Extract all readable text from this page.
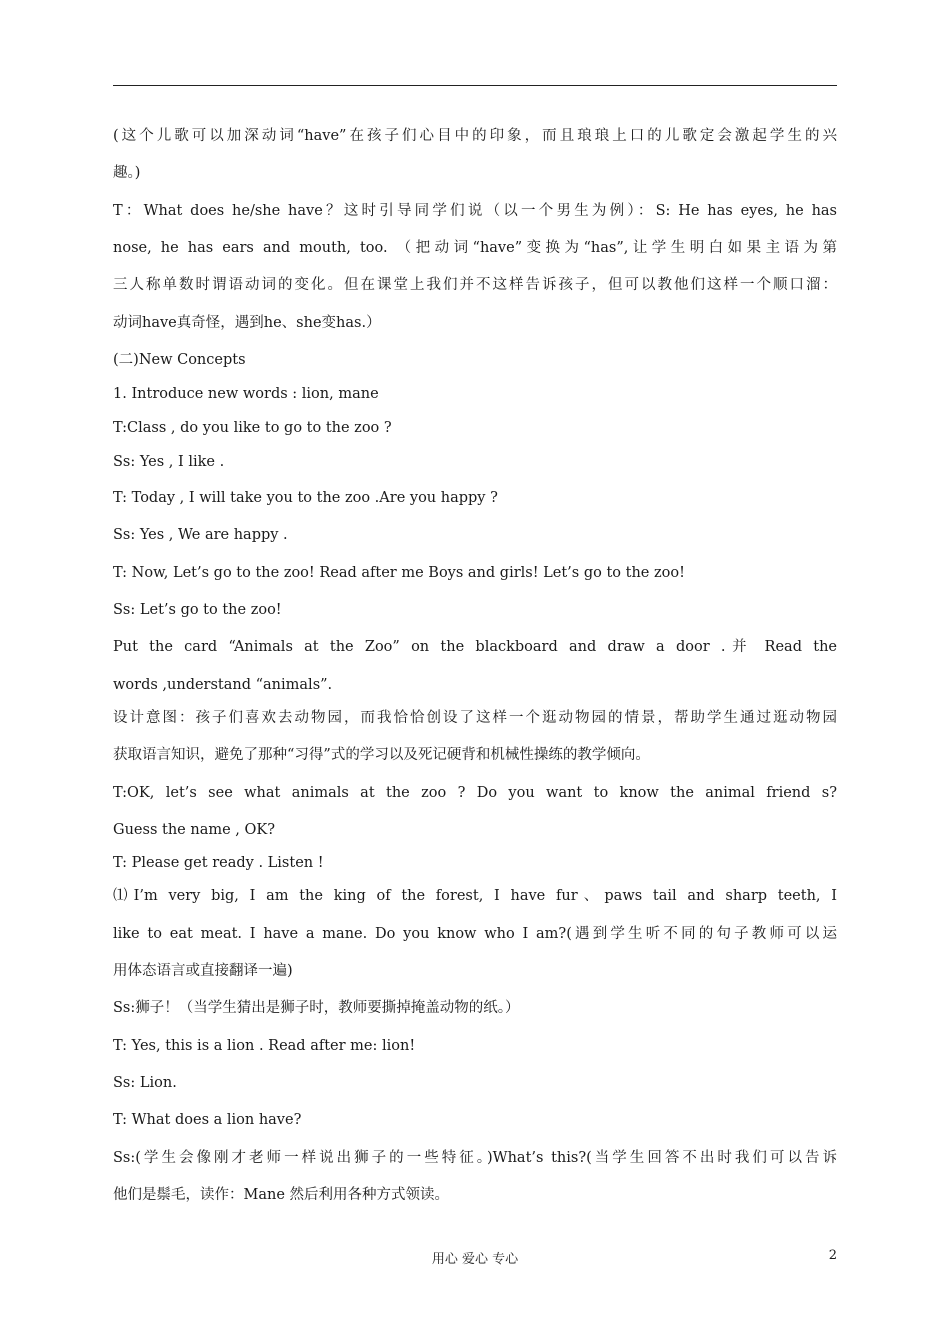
(这个儿歌可以加深动词“have”在孩子们心目中的印象，而且琅琅上口的儿歌定会激起学生的兴
趣。)
T：What does he/she have？这时引导同学们说（以一个男生为例）：S: He has eyes, he has
nose, he has ears and mouth, too. （把动词“have”变换为“has”,让学生明白如果主语为第
三人称单数时谓语动词的变化。但在课堂上我们并不这样告诉孩子，但可以教他们这样一个顺口溜：
动词have真奇怪，遇到he、she变has.）
(二)New Concepts
1. Introduce new words : lion, mane
T:Class , do you like to go to the zoo ?
Ss: Yes , I like .
T: Today , I will take you to the zoo .Are you happy ?
Ss: Yes , We are happy .
T: Now, Let’s go to the zoo! Read after me Boys and girls! Let’s go to the zoo!
Ss: Let’s go to the zoo!
Put the card “Animals at the Zoo” on the blackboard and draw a door .并 Read the
words ,understand “animals”.
设计意图：孩子们喜欢去动物园，而我恰恰创设了这样一个逛动物园的情景，帮助学生通过逛动物园
获取语言知识，避免了那种“习得”式的学习以及死记硬背和机械性操练的教学倾向。
T:OK, let’s see what animals at the zoo ? Do you want to know the animal friend s?
Guess the name , OK?
T: Please get ready . Listen !
⑴I’m very big, I am the king of the forest, I have fur、paws tail and sharp teeth, I
like to eat meat. I have a mane. Do you know who I am?(遇到学生听不同的句子教师可以运
用体态语言或直接翻译一遍)
Ss:狮子！（当学生猜出是狮子时，教师要撕掉掩盖动物的纸。）
T: Yes, this is a lion . Read after me: lion!
Ss: Lion.
T: What does a lion have?
Ss:(学生会像刚才老师一样说出狮子的一些特征。)What’s this?(当学生回答不出时我们可以告诉
他们是鬃毛，读作：Mane 然后利用各种方式领读。
用心 爱心 专心	2
